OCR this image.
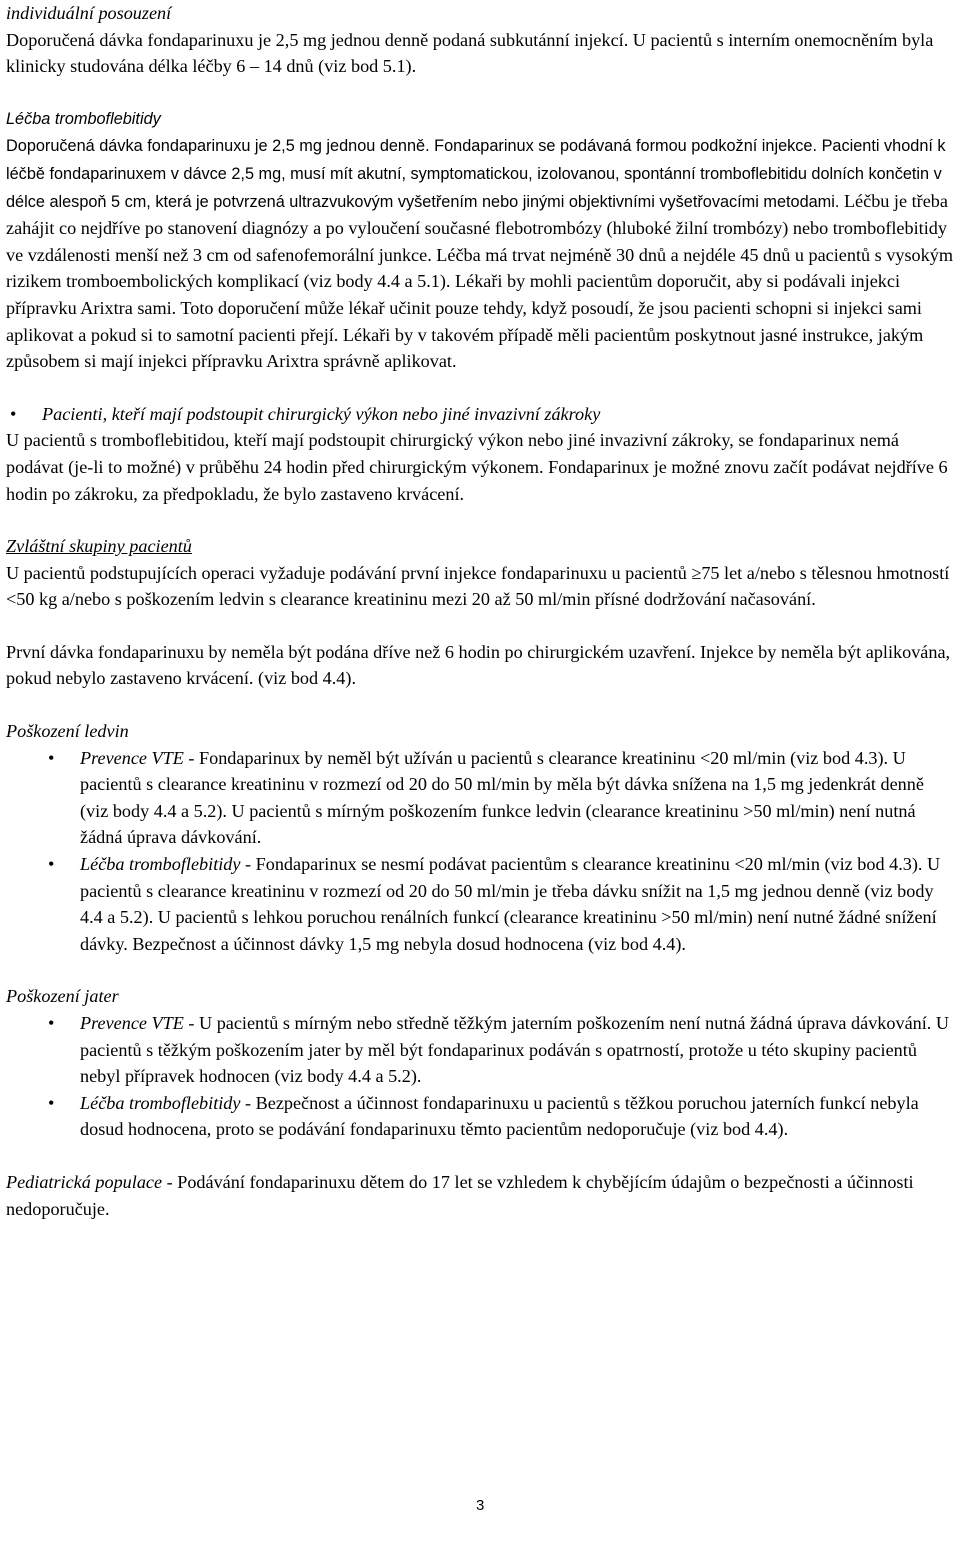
individuální posouzení

Doporučená dávka fondaparinuxu je 2,5 mg jednou denně podaná subkutánní injekcí. U pacientů s interním onemocněním byla klinicky studována délka léčby 6 – 14 dnů (viz bod 5.1).

Léčba tromboflebitidy

Doporučená dávka fondaparinuxu je 2,5 mg jednou denně. Fondaparinux se podávaná formou podkožní injekce. Pacienti vhodní k léčbě fondaparinuxem v dávce 2,5 mg, musí mít akutní, symptomatickou, izolovanou, spontánní tromboflebitidu dolních končetin v délce alespoň 5 cm, která je potvrzená ultrazvukovým vyšetřením nebo jinými objektivními vyšetřovacími metodami. Léčbu je třeba zahájit co nejdříve po stanovení diagnózy a po vyloučení současné flebotrombózy (hluboké žilní trombózy) nebo tromboflebitidy ve vzdálenosti menší než 3 cm od safenofemorální junkce. Léčba má trvat nejméně 30 dnů a nejdéle 45 dnů u pacientů s vysokým rizikem tromboembolických komplikací (viz body 4.4 a 5.1). Lékaři by mohli pacientům doporučit, aby si podávali injekci přípravku Arixtra sami. Toto doporučení může lékař učinit pouze tehdy, když posoudí, že jsou pacienti schopni si injekci sami aplikovat a pokud si to samotní pacienti přejí. Lékaři by v takovém případě měli pacientům poskytnout jasné instrukce, jakým způsobem si mají injekci přípravku Arixtra správně aplikovat.

•	Pacienti, kteří mají podstoupit chirurgický výkon nebo jiné invazivní zákroky

U pacientů s tromboflebitidou, kteří mají podstoupit chirurgický výkon nebo jiné invazivní zákroky, se fondaparinux nemá podávat (je-li to možné) v průběhu 24 hodin před chirurgickým výkonem. Fondaparinux je možné znovu začít podávat nejdříve 6 hodin po zákroku, za předpokladu, že bylo zastaveno krvácení.

Zvláštní skupiny pacientů

U pacientů podstupujících operaci vyžaduje podávání první injekce fondaparinuxu u pacientů ≥75 let a/nebo s tělesnou hmotností <50 kg a/nebo s poškozením ledvin s clearance kreatininu mezi 20 až 50 ml/min přísné dodržování načasování.

První dávka fondaparinuxu by neměla být podána dříve než 6 hodin po chirurgickém uzavření. Injekce by neměla být aplikována, pokud nebylo zastaveno krvácení. (viz bod 4.4).

Poškození ledvin

•	Prevence VTE - Fondaparinux by neměl být užíván u pacientů s clearance kreatininu <20 ml/min (viz bod 4.3). U pacientů s clearance kreatininu v rozmezí od 20 do 50 ml/min by měla být dávka snížena na 1,5 mg jedenkrát denně (viz body 4.4 a 5.2). U pacientů s mírným poškozením funkce ledvin (clearance kreatininu >50 ml/min) není nutná žádná úprava dávkování.
•	Léčba tromboflebitidy - Fondaparinux se nesmí podávat pacientům s clearance kreatininu <20 ml/min (viz bod 4.3). U pacientů s clearance kreatininu v rozmezí od 20 do 50 ml/min je třeba dávku snížit na 1,5 mg jednou denně (viz body 4.4 a 5.2). U pacientů s lehkou poruchou renálních funkcí (clearance kreatininu >50 ml/min) není nutné žádné snížení dávky. Bezpečnost a účinnost dávky 1,5 mg nebyla dosud hodnocena (viz bod 4.4).

Poškození jater

•	Prevence VTE - U pacientů s mírným nebo středně těžkým jaterním poškozením není nutná žádná úprava dávkování. U pacientů s těžkým poškozením jater by měl být fondaparinux podáván s opatrností, protože u této skupiny pacientů nebyl přípravek hodnocen (viz body 4.4 a 5.2).
•	Léčba tromboflebitidy - Bezpečnost a účinnost fondaparinuxu u pacientů s těžkou poruchou jaterních funkcí nebyla dosud hodnocena, proto se podávání fondaparinuxu těmto pacientům nedoporučuje (viz bod 4.4).

Pediatrická populace - Podávání fondaparinuxu dětem do 17 let se vzhledem k chybějícím údajům o bezpečnosti a účinnosti nedoporučuje.

3
